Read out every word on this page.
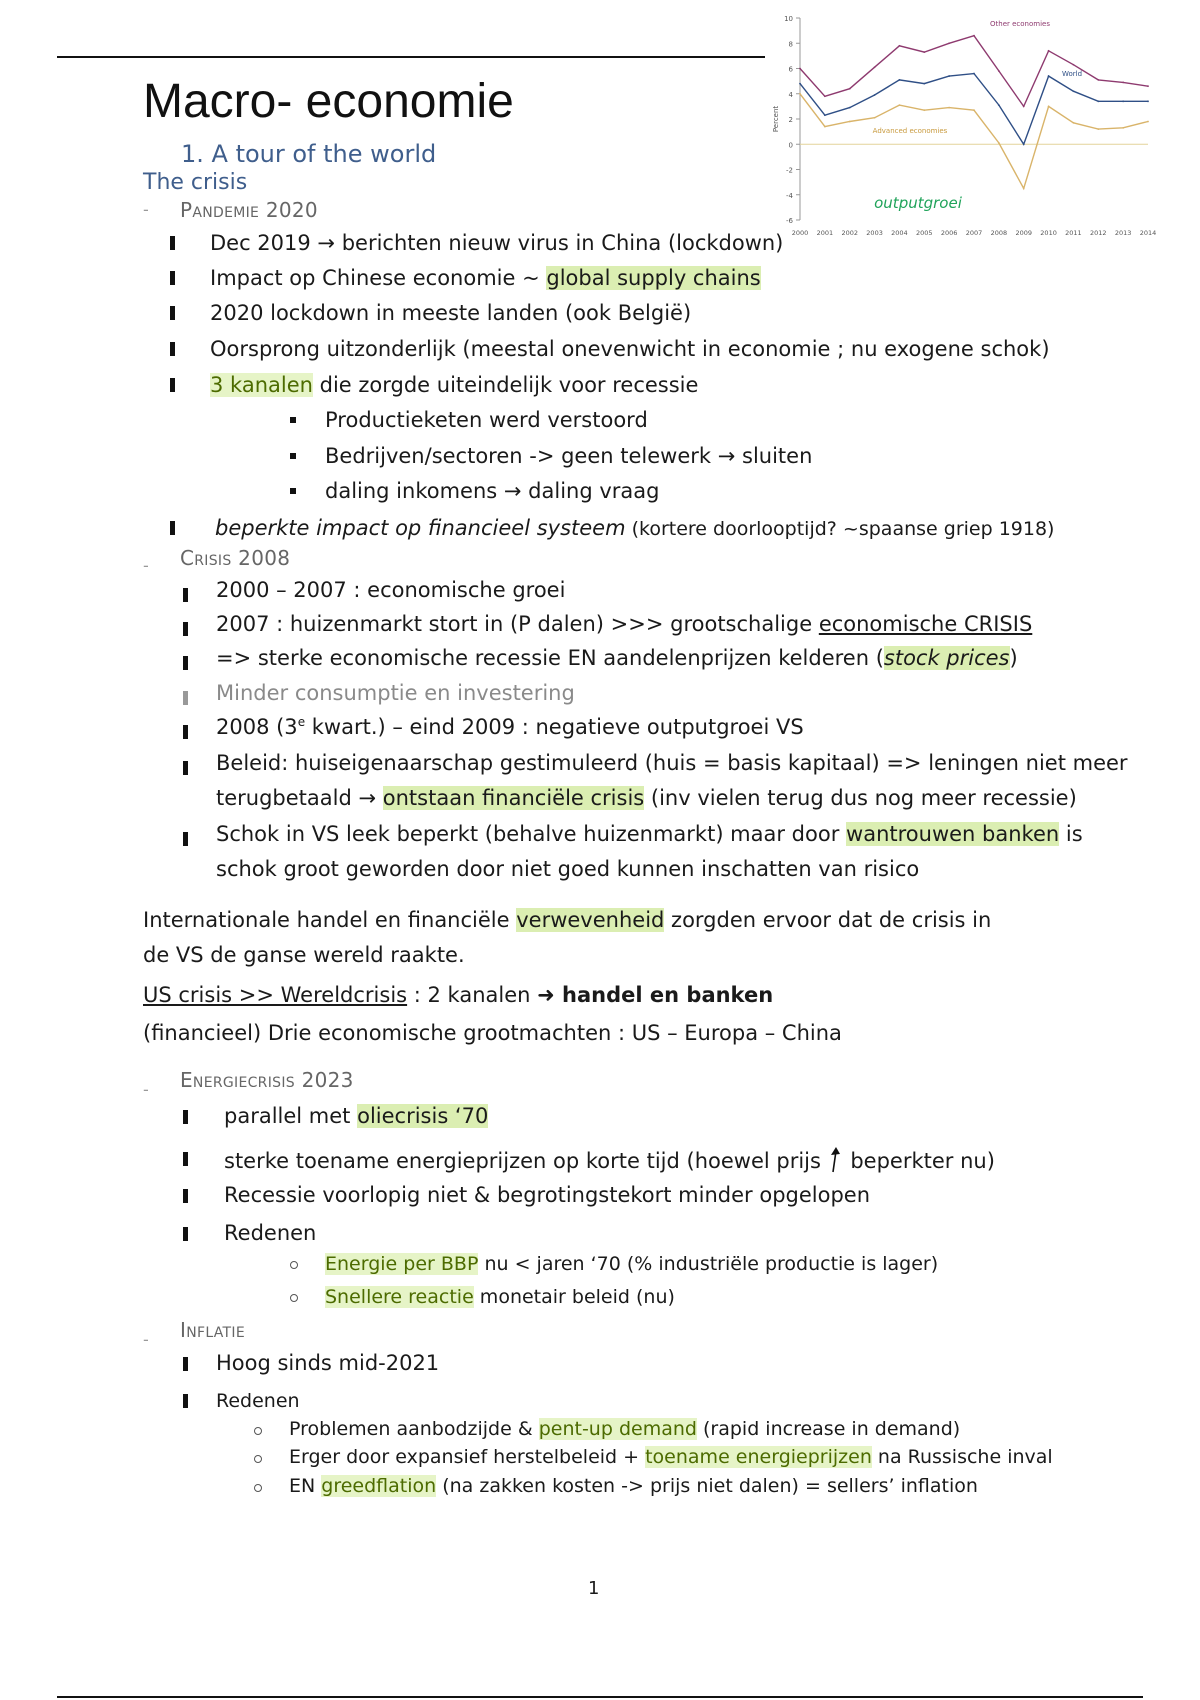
-6
-4
-2
0
2
4
6
8
10
Percent
2000 2001 2002 2003 2004 2005 2006 2007 2008 2009 2010 2011 2012 2013 2014
Other economies
World
Advanced economies
outputgroei
Macro- economie
1. A tour of the world
The crisis
- Pandemie 2020
Dec 2019 → berichten nieuw virus in China (lockdown)
Impact op Chinese economie ~ global supply chains
2020 lockdown in meeste landen (ook België)
Oorsprong uitzonderlijk (meestal onevenwicht in economie ; nu exogene schok)
3 kanalen die zorgde uiteindelijk voor recessie
Productieketen werd verstoord
Bedrijven/sectoren -> geen telewerk → sluiten
daling inkomens → daling vraag
beperkte impact op financieel systeem (kortere doorlooptijd? ~spaanse griep 1918)
- Crisis 2008
2000 – 2007 : economische groei
2007 : huizenmarkt stort in (P dalen) >>> grootschalige economische CRISIS
=> sterke economische recessie EN aandelenprijzen kelderen (stock prices)
Minder consumptie en investering
2008 (3e kwart.) – eind 2009 : negatieve outputgroei VS
Beleid: huiseigenaarschap gestimuleerd (huis = basis kapitaal) => leningen niet meer
terugbetaald → ontstaan financiële crisis (inv vielen terug dus nog meer recessie)
Schok in VS leek beperkt (behalve huizenmarkt) maar door wantrouwen banken is
schok groot geworden door niet goed kunnen inschatten van risico
Internationale handel en financiële verwevenheid zorgden ervoor dat de crisis in
de VS de ganse wereld raakte.
US crisis >> Wereldcrisis : 2 kanalen ➜ handel en banken
(financieel) Drie economische grootmachten : US – Europa – China
- Energiecrisis 2023
parallel met oliecrisis ‘70
sterke toename energieprijzen op korte tijd (hoewel prijs  beperkter nu)
Recessie voorlopig niet & begrotingstekort minder opgelopen
Redenen
Energie per BBP nu < jaren ‘70 (% industriële productie is lager)
Snellere reactie monetair beleid (nu)
- Inflatie
Hoog sinds mid-2021
Redenen
Problemen aanbodzijde & pent-up demand (rapid increase in demand)
Erger door expansief herstelbeleid + toename energieprijzen na Russische inval
EN greedflation (na zakken kosten -> prijs niet dalen) = sellers’ inflation
1
